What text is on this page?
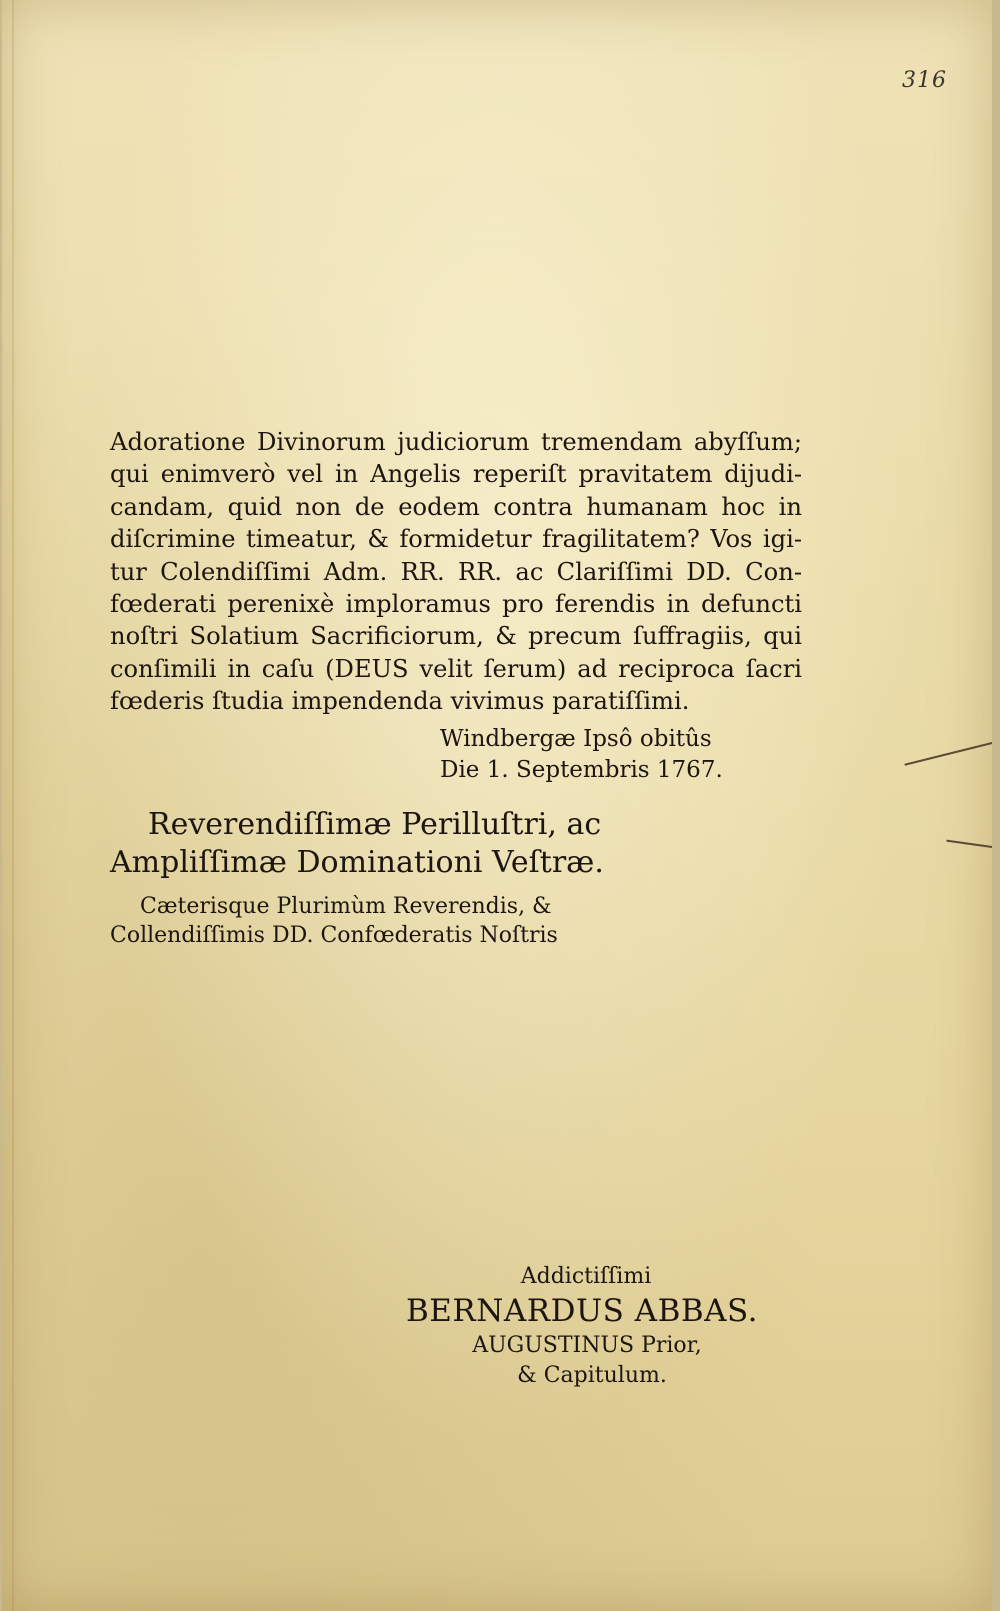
316
Adoratione Divinorum judiciorum tremendam abyſſum;
qui enimverò vel in Angelis reperiſt pravitatem dijudi-
candam, quid non de eodem contra humanam hoc in
diſcrimine timeatur, & formidetur fragilitatem? Vos igi-
tur Colendiſſimi Adm. RR. RR. ac Clariſſimi DD. Con-
fœderati perenixè imploramus pro ferendis in defuncti
noſtri Solatium Sacrificiorum, & precum ſuffragiis, qui
conſimili in caſu (DEUS velit ſerum) ad reciproca ſacri
fœderis ſtudia impendenda vivimus paratiſſimi.
Windbergæ Ipsô obitûs
Die 1. Septembris 1767.
Reverendiſſimæ Perilluſtri, ac
Ampliſſimæ Dominationi Veſtræ.
Cæterisque Plurimùm Reverendis, &
Collendiſſimis DD. Confœderatis Noſtris
Addictiſſimi
BERNARDUS ABBAS.
AUGUSTINUS Prior,
& Capitulum.
